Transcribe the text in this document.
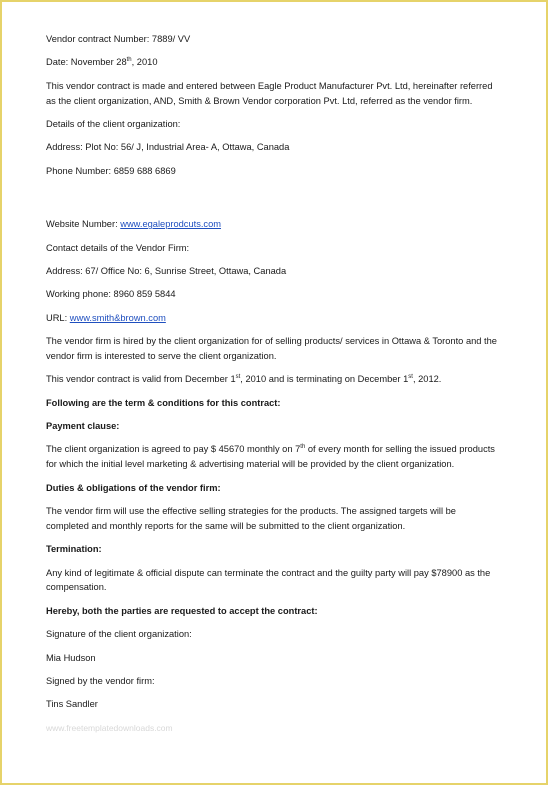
Vendor contract Number: 7889/ VV

Date: November 28th, 2010

This vendor contract is made and entered between Eagle Product Manufacturer Pvt. Ltd, hereinafter referred as the client organization, AND, Smith & Brown Vendor corporation Pvt. Ltd, referred as the vendor firm.

Details of the client organization:

Address: Plot No: 56/ J, Industrial Area- A, Ottawa, Canada

Phone Number: 6859 688 6869

Website Number: www.egaleprodcuts.com

Contact details of the Vendor Firm:

Address: 67/ Office No: 6, Sunrise Street, Ottawa, Canada

Working phone: 8960 859 5844

URL: www.smith&brown.com

The vendor firm is hired by the client organization for of selling products/ services in Ottawa & Toronto and the vendor firm is interested to serve the client organization.

This vendor contract is valid from December 1st, 2010 and is terminating on December 1st, 2012.

Following are the term & conditions for this contract:

Payment clause:

The client organization is agreed to pay $ 45670 monthly on 7th of every month for selling the issued products for which the initial level marketing & advertising material will be provided by the client organization.

Duties & obligations of the vendor firm:

The vendor firm will use the effective selling strategies for the products. The assigned targets will be completed and monthly reports for the same will be submitted to the client organization.

Termination:

Any kind of legitimate & official dispute can terminate the contract and the guilty party will pay $78900 as the compensation.

Hereby, both the parties are requested to accept the contract:

Signature of the client organization:

Mia Hudson

Signed by the vendor firm:

Tins Sandler

www.freetemplatedownloads.com
